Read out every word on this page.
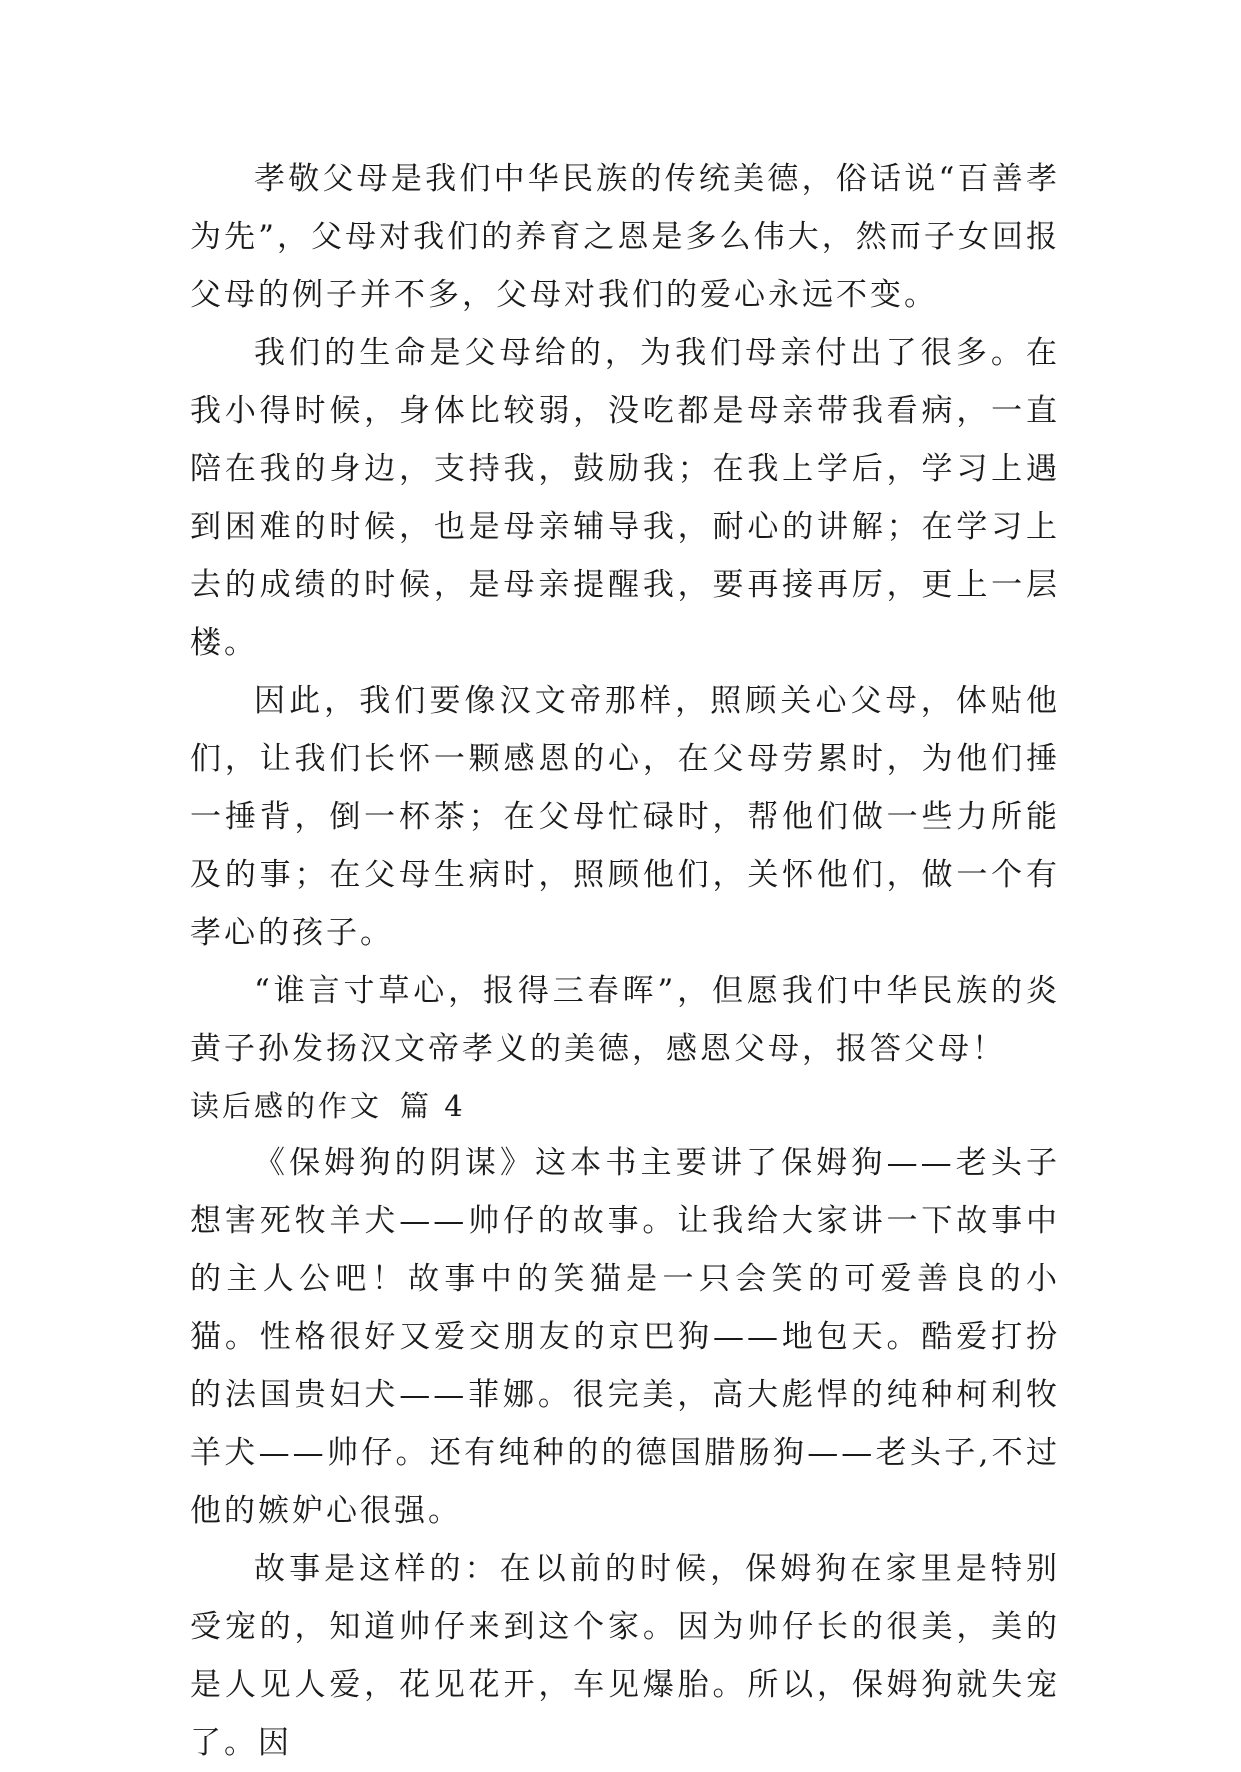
孝敬父母是我们中华民族的传统美德，俗话说“百善孝为先”，父母对我们的养育之恩是多么伟大，然而子女回报父母的例子并不多，父母对我们的爱心永远不变。

我们的生命是父母给的，为我们母亲付出了很多。在我小得时候，身体比较弱，没吃都是母亲带我看病，一直陪在我的身边，支持我，鼓励我；在我上学后，学习上遇到困难的时候，也是母亲辅导我，耐心的讲解；在学习上去的成绩的时候，是母亲提醒我，要再接再厉，更上一层楼。

因此，我们要像汉文帝那样，照顾关心父母，体贴他们，让我们长怀一颗感恩的心，在父母劳累时，为他们捶一捶背，倒一杯茶；在父母忙碌时，帮他们做一些力所能及的事；在父母生病时，照顾他们，关怀他们，做一个有孝心的孩子。

“谁言寸草心，报得三春晖”，但愿我们中华民族的炎黄子孙发扬汉文帝孝义的美德，感恩父母，报答父母！

读后感的作文 篇 4

《保姆狗的阴谋》这本书主要讲了保姆狗——老头子想害死牧羊犬——帅仔的故事。让我给大家讲一下故事中的主人公吧！故事中的笑猫是一只会笑的可爱善良的小猫。性格很好又爱交朋友的京巴狗——地包天。酷爱打扮的法国贵妇犬——菲娜。很完美，高大彪悍的纯种柯利牧羊犬——帅仔。还有纯种的的德国腊肠狗——老头子,不过他的嫉妒心很强。

故事是这样的：在以前的时候，保姆狗在家里是特别受宠的，知道帅仔来到这个家。因为帅仔长的很美，美的是人见人爱，花见花开，车见爆胎。所以，保姆狗就失宠了。因
